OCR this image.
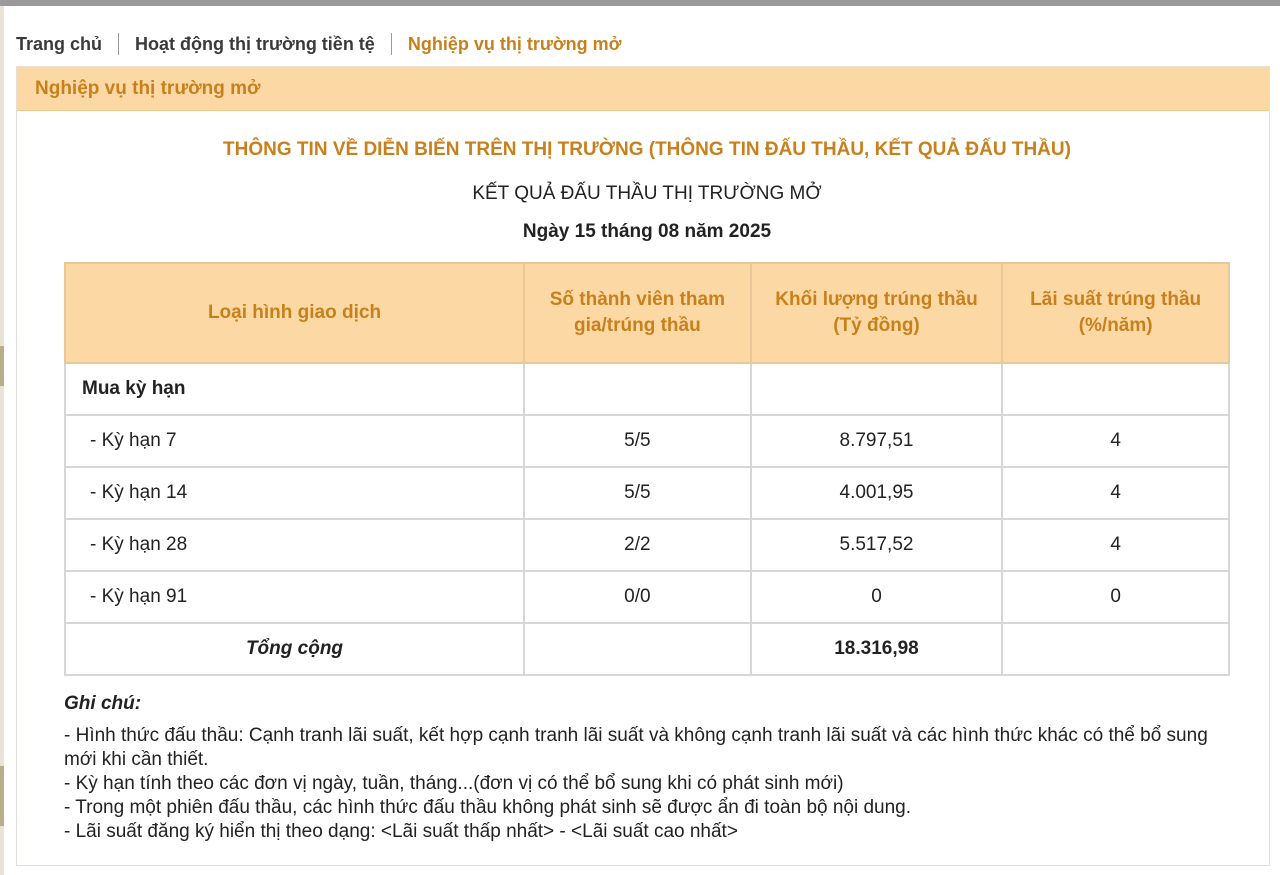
Trang chủ Hoạt động thị trường tiền tệ Nghiệp vụ thị trường mở
Nghiệp vụ thị trường mở
THÔNG TIN VỀ DIỄN BIẾN TRÊN THỊ TRƯỜNG (THÔNG TIN ĐẤU THẦU, KẾT QUẢ ĐẤU THẦU)
KẾT QUẢ ĐẤU THẦU THỊ TRƯỜNG MỞ
Ngày 15 tháng 08 năm 2025
Loại hình giao dịch	Số thành viên tham gia/trúng thầu	Khối lượng trúng thầu (Tỷ đồng)	Lãi suất trúng thầu (%/năm)
Mua kỳ hạn			
- Kỳ hạn 7	5/5	8.797,51	4
- Kỳ hạn 14	5/5	4.001,95	4
- Kỳ hạn 28	2/2	5.517,52	4
- Kỳ hạn 91	0/0	0	0
Tổng cộng		18.316,98	
Ghi chú:

- Hình thức đấu thầu: Cạnh tranh lãi suất, kết hợp cạnh tranh lãi suất và không cạnh tranh lãi suất và các hình thức khác có thể bổ sung mới khi cần thiết.

- Kỳ hạn tính theo các đơn vị ngày, tuần, tháng...(đơn vị có thể bổ sung khi có phát sinh mới)

- Trong một phiên đấu thầu, các hình thức đấu thầu không phát sinh sẽ được ẩn đi toàn bộ nội dung.

- Lãi suất đăng ký hiển thị theo dạng: <Lãi suất thấp nhất> - <Lãi suất cao nhất>
